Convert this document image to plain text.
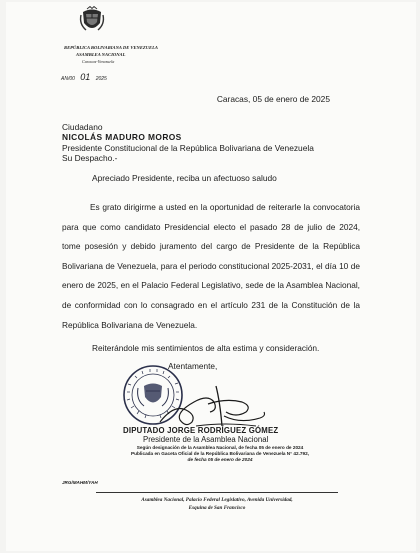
REPÚBLICA BOLIVARIANA DE VENEZUELA
ASAMBLEA NACIONAL
Caracas-Venezuela
AN/00 01 2025
Caracas, 05 de enero de 2025
Ciudadano
NICOLÁS MADURO MOROS
Presidente Constitucional de la República Bolivariana de Venezuela
Su Despacho.-
Apreciado Presidente, reciba un afectuoso saludo
Es grato dirigirme a usted en la oportunidad de reiterarle la convocatoria para que como candidato Presidencial electo el pasado 28 de julio de 2024, tome posesión y debido juramento del cargo de Presidente de la República Bolivariana de Venezuela, para el periodo constitucional 2025-2031, el día 10 de enero de 2025, en el Palacio Federal Legislativo, sede de la Asamblea Nacional, de conformidad con lo consagrado en el artículo 231 de la Constitución de la República Bolivariana de Venezuela.
Reiterándole mis sentimientos de alta estima y consideración.
Atentamente,
DIPUTADO JORGE RODRÍGUEZ GÓMEZ
Presidente de la Asamblea Nacional
Según designación de la Asamblea Nacional, de fecha 05 de enero de 2024
Publicada en Gaceta Oficial de la República Bolivariana de Venezuela N° 42.792,
de fecha 05 de enero de 2024
JRG/MAHM/YAH
Asamblea Nacional, Palacio Federal Legislativo, Avenida Universidad,
Esquina de San Francisco
